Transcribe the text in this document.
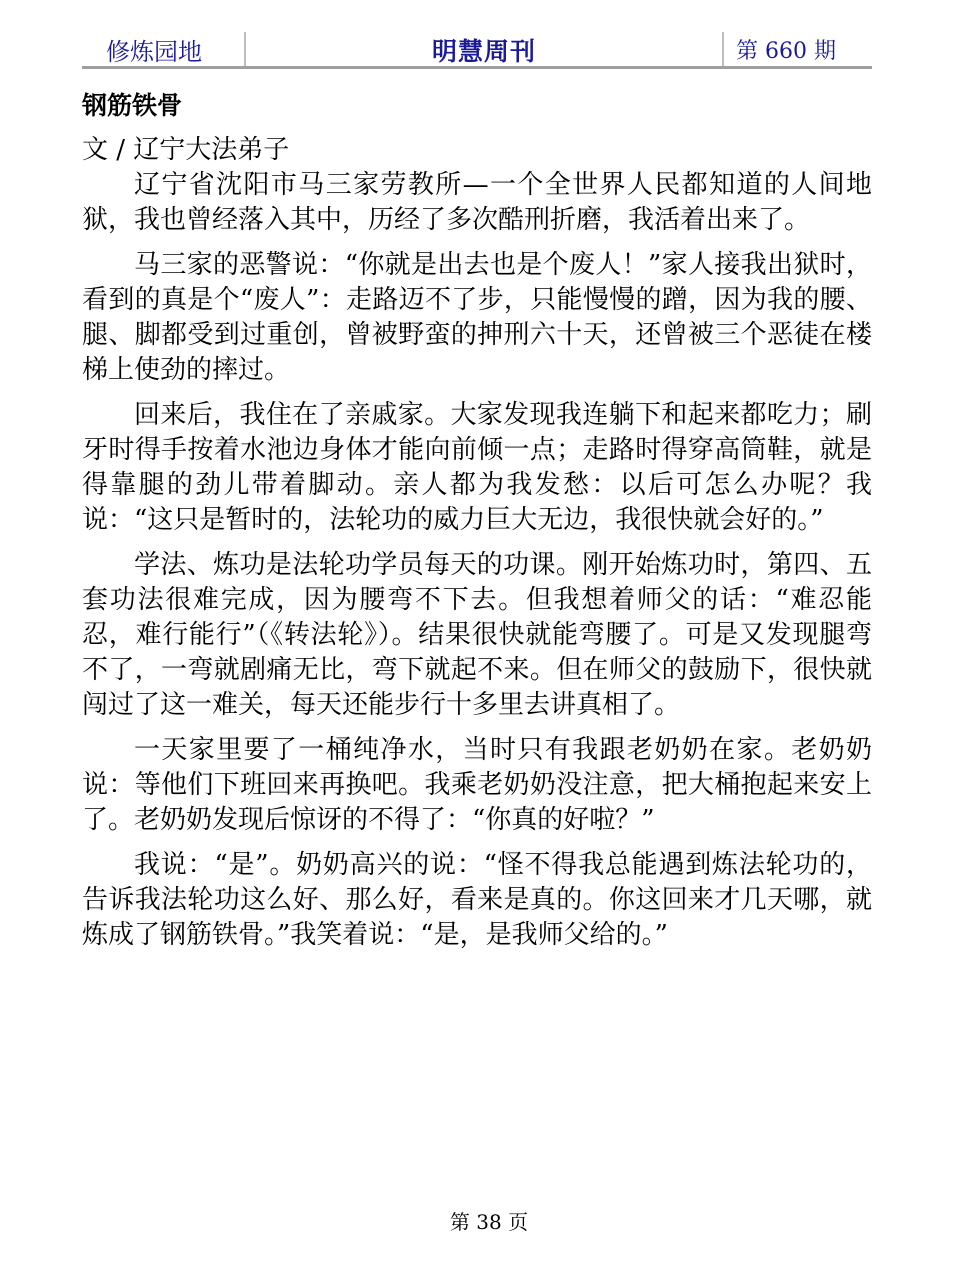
修炼园地	明慧周刊	第 660 期
钢筋铁骨
文 / 辽宁大法弟子

辽宁省沈阳市马三家劳教所—一个全世界人民都知道的人间地狱，我也曾经落入其中，历经了多次酷刑折磨，我活着出来了。

马三家的恶警说：“你就是出去也是个废人！”家人接我出狱时，看到的真是个“废人”：走路迈不了步，只能慢慢的蹭，因为我的腰、腿、脚都受到过重创，曾被野蛮的抻刑六十天，还曾被三个恶徒在楼梯上使劲的摔过。

回来后，我住在了亲戚家。大家发现我连躺下和起来都吃力；刷牙时得手按着水池边身体才能向前倾一点；走路时得穿高筒鞋，就是得靠腿的劲儿带着脚动。亲人都为我发愁：以后可怎么办呢？我说：“这只是暂时的，法轮功的威力巨大无边，我很快就会好的。”

学法、炼功是法轮功学员每天的功课。刚开始炼功时，第四、五套功法很难完成，因为腰弯不下去。但我想着师父的话：“难忍能忍，难行能行”（《转法轮》）。结果很快就能弯腰了。可是又发现腿弯不了，一弯就剧痛无比，弯下就起不来。但在师父的鼓励下，很快就闯过了这一难关，每天还能步行十多里去讲真相了。

一天家里要了一桶纯净水，当时只有我跟老奶奶在家。老奶奶说：等他们下班回来再换吧。我乘老奶奶没注意，把大桶抱起来安上了。老奶奶发现后惊讶的不得了：“你真的好啦？”

我说：“是”。奶奶高兴的说：“怪不得我总能遇到炼法轮功的，告诉我法轮功这么好、那么好，看来是真的。你这回来才几天哪，就炼成了钢筋铁骨。”我笑着说：“是，是我师父给的。”

第 38 页
